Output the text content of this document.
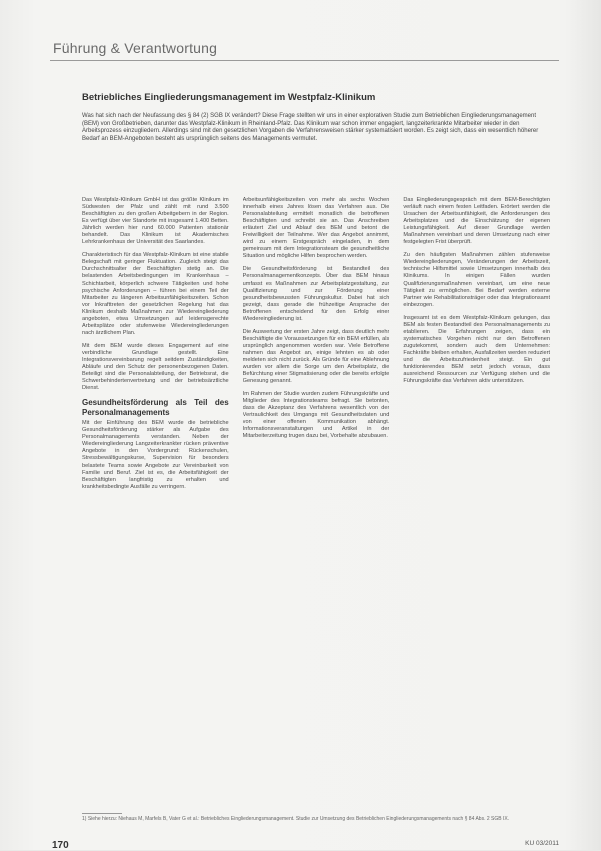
Führung & Verantwortung
Betriebliches Eingliederungsmanagement im Westpfalz-Klinikum

Was hat sich nach der Neufassung des § 84 (2) SGB IX verändert? Diese Frage stellten wir uns in einer explorativen Studie zum Betrieblichen Eingliederungsmanagement (BEM) von Großbetrieben, darunter das Westpfalz-Klinikum in Rheinland-Pfalz. Das Klinikum war schon immer engagiert, langzeiterkrankte Mitarbeiter wieder in den Arbeitsprozess einzugliedern. Allerdings sind mit den gesetzlichen Vorgaben die Verfahrensweisen stärker systematisiert worden. Es zeigt sich, dass ein wesentlich höherer Bedarf an BEM-Angeboten besteht als ursprünglich seitens des Managements vermutet.

Das Westpfalz-Klinikum GmbH ist das größte Klinikum im Südwesten der Pfalz und zählt mit rund 3.500 Beschäftigten zu den großen Arbeitgebern in der Region. Es verfügt über vier Standorte mit insgesamt 1.400 Betten. Jährlich werden hier rund 60.000 Patienten stationär behandelt. Das Klinikum ist Akademisches Lehrkrankenhaus der Universität des Saarlandes.

Charakteristisch für das Westpfalz-Klinikum ist eine stabile Belegschaft mit geringer Fluktuation. Zugleich steigt das Durchschnittsalter der Beschäftigten stetig an. Die belastenden Arbeitsbedingungen im Krankenhaus – Schichtarbeit, körperlich schwere Tätigkeiten und hohe psychische Anforderungen – führen bei einem Teil der Mitarbeiter zu längeren Arbeitsunfähigkeitszeiten. Schon vor Inkrafttreten der gesetzlichen Regelung hat das Klinikum deshalb Maßnahmen zur Wiedereingliederung angeboten, etwa Umsetzungen auf leidensgerechte Arbeitsplätze oder stufenweise Wiedereingliederungen nach ärztlichem Plan.

Mit dem BEM wurde dieses Engagement auf eine verbindliche Grundlage gestellt. Eine Integrationsvereinbarung regelt seitdem Zuständigkeiten, Abläufe und den Schutz der personenbezogenen Daten. Beteiligt sind die Personalabteilung, der Betriebsrat, die Schwerbehindertenvertretung und der betriebsärztliche Dienst.

Gesundheitsförderung als Teil des Personalmanagements

Mit der Einführung des BEM wurde die betriebliche Gesundheitsförderung stärker als Aufgabe des Personalmanagements verstanden. Neben der Wiedereingliederung Langzeiterkrankter rücken präventive Angebote in den Vordergrund: Rückenschulen, Stressbewältigungskurse, Supervision für besonders belastete Teams sowie Angebote zur Vereinbarkeit von Familie und Beruf. Ziel ist es, die Arbeitsfähigkeit der Beschäftigten langfristig zu erhalten und krankheitsbedingte Ausfälle zu verringern.

Arbeitsunfähigkeitszeiten von mehr als sechs Wochen innerhalb eines Jahres lösen das Verfahren aus. Die Personalabteilung ermittelt monatlich die betroffenen Beschäftigten und schreibt sie an. Das Anschreiben erläutert Ziel und Ablauf des BEM und betont die Freiwilligkeit der Teilnahme. Wer das Angebot annimmt, wird zu einem Erstgespräch eingeladen, in dem gemeinsam mit dem Integrationsteam die gesundheitliche Situation und mögliche Hilfen besprochen werden.

Die Gesundheitsförderung ist Bestandteil des Personalmanagementkonzepts. Über das BEM hinaus umfasst es Maßnahmen zur Arbeitsplatzgestaltung, zur Qualifizierung und zur Förderung einer gesundheitsbewussten Führungskultur. Dabei hat sich gezeigt, dass gerade die frühzeitige Ansprache der Betroffenen entscheidend für den Erfolg einer Wiedereingliederung ist.

Die Auswertung der ersten Jahre zeigt, dass deutlich mehr Beschäftigte die Voraussetzungen für ein BEM erfüllen, als ursprünglich angenommen worden war. Viele Betroffene nahmen das Angebot an, einige lehnten es ab oder meldeten sich nicht zurück. Als Gründe für eine Ablehnung wurden vor allem die Sorge um den Arbeitsplatz, die Befürchtung einer Stigmatisierung oder die bereits erfolgte Genesung genannt.

Im Rahmen der Studie wurden zudem Führungskräfte und Mitglieder des Integrationsteams befragt. Sie betonten, dass die Akzeptanz des Verfahrens wesentlich von der Vertraulichkeit des Umgangs mit Gesundheitsdaten und von einer offenen Kommunikation abhängt. Informationsveranstaltungen und Artikel in der Mitarbeiterzeitung trugen dazu bei, Vorbehalte abzubauen.

Das Eingliederungsgespräch mit dem BEM-Berechtigten verläuft nach einem festen Leitfaden. Erörtert werden die Ursachen der Arbeitsunfähigkeit, die Anforderungen des Arbeitsplatzes und die Einschätzung der eigenen Leistungsfähigkeit. Auf dieser Grundlage werden Maßnahmen vereinbart und deren Umsetzung nach einer festgelegten Frist überprüft.

Zu den häufigsten Maßnahmen zählen stufenweise Wiedereingliederungen, Veränderungen der Arbeitszeit, technische Hilfsmittel sowie Umsetzungen innerhalb des Klinikums. In einigen Fällen wurden Qualifizierungsmaßnahmen vereinbart, um eine neue Tätigkeit zu ermöglichen. Bei Bedarf werden externe Partner wie Rehabilitationsträger oder das Integrationsamt einbezogen.

Insgesamt ist es dem Westpfalz-Klinikum gelungen, das BEM als festen Bestandteil des Personalmanagements zu etablieren. Die Erfahrungen zeigen, dass ein systematisches Vorgehen nicht nur den Betroffenen zugutekommt, sondern auch dem Unternehmen: Fachkräfte bleiben erhalten, Ausfallzeiten werden reduziert und die Arbeitszufriedenheit steigt. Ein gut funktionierendes BEM setzt jedoch voraus, dass ausreichend Ressourcen zur Verfügung stehen und die Führungskräfte das Verfahren aktiv unterstützen.

1) Siehe hierzu: Niehaus M, Marfels B, Vater G et al.: Betriebliches Eingliederungsmanagement. Studie zur Umsetzung des Betrieblichen Eingliederungsmanagements nach § 84 Abs. 2 SGB IX.
170	KU 03/2011
